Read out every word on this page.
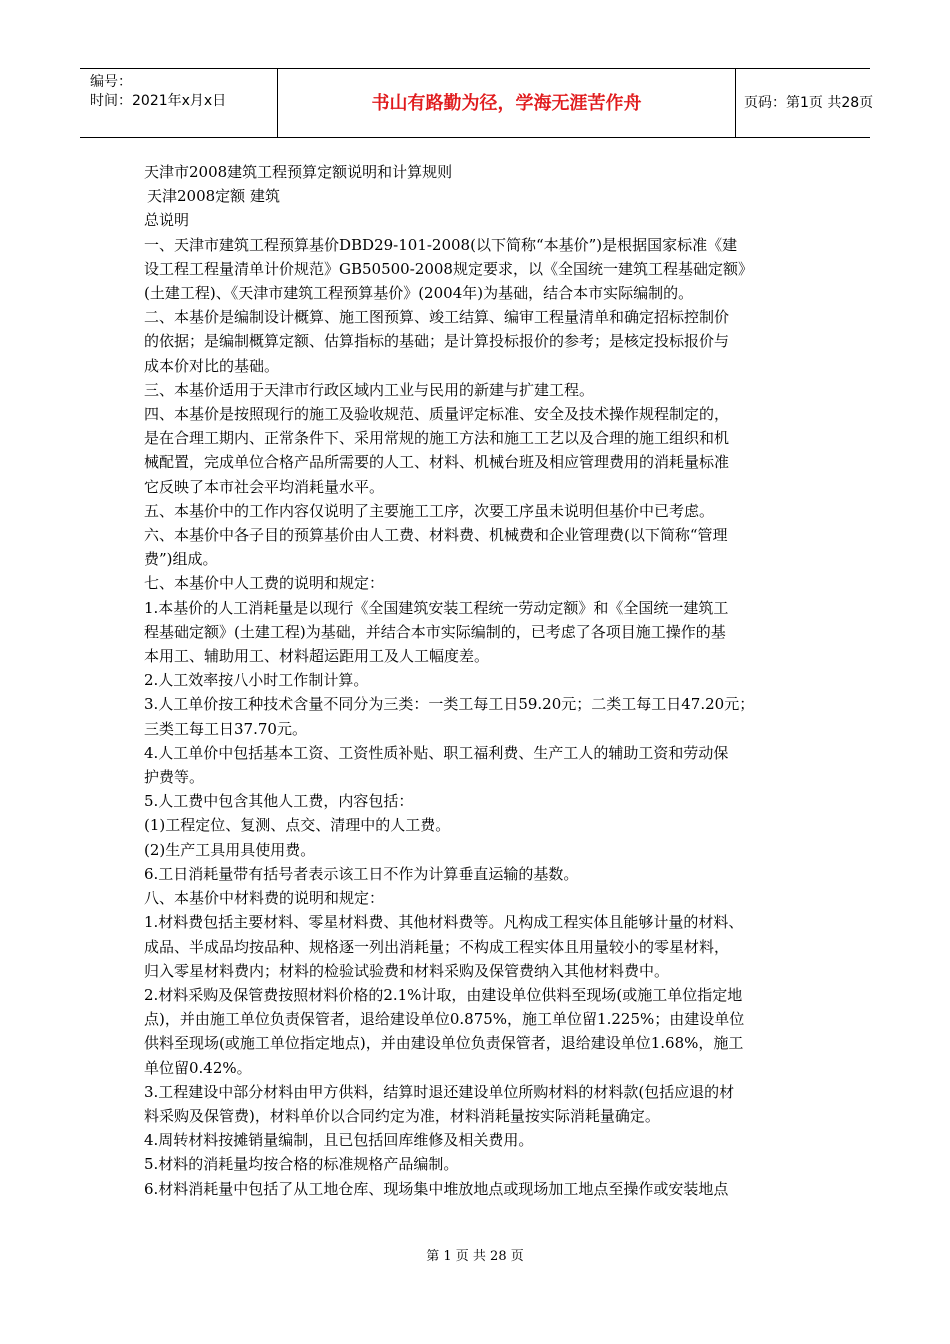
编号：
时间：2021年x月x日	书山有路勤为径，学海无涯苦作舟	页码：第1页 共28页

天津市2008建筑工程预算定额说明和计算规则

天津2008定额 建筑

总说明

一、天津市建筑工程预算基价DBD29-101-2008(以下简称“本基价”)是根据国家标准《建

设工程工程量清单计价规范》GB50500-2008规定要求，以《全国统一建筑工程基础定额》

(土建工程)、《天津市建筑工程预算基价》(2004年)为基础，结合本市实际编制的。

二、本基价是编制设计概算、施工图预算、竣工结算、编审工程量清单和确定招标控制价

的依据；是编制概算定额、估算指标的基础；是计算投标报价的参考；是核定投标报价与

成本价对比的基础。

三、本基价适用于天津市行政区域内工业与民用的新建与扩建工程。

四、本基价是按照现行的施工及验收规范、质量评定标准、安全及技术操作规程制定的，

是在合理工期内、正常条件下、采用常规的施工方法和施工工艺以及合理的施工组织和机

械配置，完成单位合格产品所需要的人工、材料、机械台班及相应管理费用的消耗量标准

它反映了本市社会平均消耗量水平。

五、本基价中的工作内容仅说明了主要施工工序，次要工序虽未说明但基价中已考虑。

六、本基价中各子目的预算基价由人工费、材料费、机械费和企业管理费(以下简称“管理

费”)组成。

七、本基价中人工费的说明和规定：

1.本基价的人工消耗量是以现行《全国建筑安装工程统一劳动定额》和《全国统一建筑工

程基础定额》(土建工程)为基础，并结合本市实际编制的，已考虑了各项目施工操作的基

本用工、辅助用工、材料超运距用工及人工幅度差。

2.人工效率按八小时工作制计算。

3.人工单价按工种技术含量不同分为三类：一类工每工日59.20元；二类工每工日47.20元；

三类工每工日37.70元。

4.人工单价中包括基本工资、工资性质补贴、职工福利费、生产工人的辅助工资和劳动保

护费等。

5.人工费中包含其他人工费，内容包括：

(1)工程定位、复测、点交、清理中的人工费。

(2)生产工具用具使用费。

6.工日消耗量带有括号者表示该工日不作为计算垂直运输的基数。

八、本基价中材料费的说明和规定：

1.材料费包括主要材料、零星材料费、其他材料费等。凡构成工程实体且能够计量的材料、

成品、半成品均按品种、规格逐一列出消耗量；不构成工程实体且用量较小的零星材料，

归入零星材料费内；材料的检验试验费和材料采购及保管费纳入其他材料费中。

2.材料采购及保管费按照材料价格的2.1%计取，由建设单位供料至现场(或施工单位指定地

点)，并由施工单位负责保管者，退给建设单位0.875%，施工单位留1.225%；由建设单位

供料至现场(或施工单位指定地点)，并由建设单位负责保管者，退给建设单位1.68%，施工

单位留0.42%。

3.工程建设中部分材料由甲方供料，结算时退还建设单位所购材料的材料款(包括应退的材

料采购及保管费)，材料单价以合同约定为准，材料消耗量按实际消耗量确定。

4.周转材料按摊销量编制，且已包括回库维修及相关费用。

5.材料的消耗量均按合格的标准规格产品编制。

6.材料消耗量中包括了从工地仓库、现场集中堆放地点或现场加工地点至操作或安装地点

第 1 页 共 28 页
